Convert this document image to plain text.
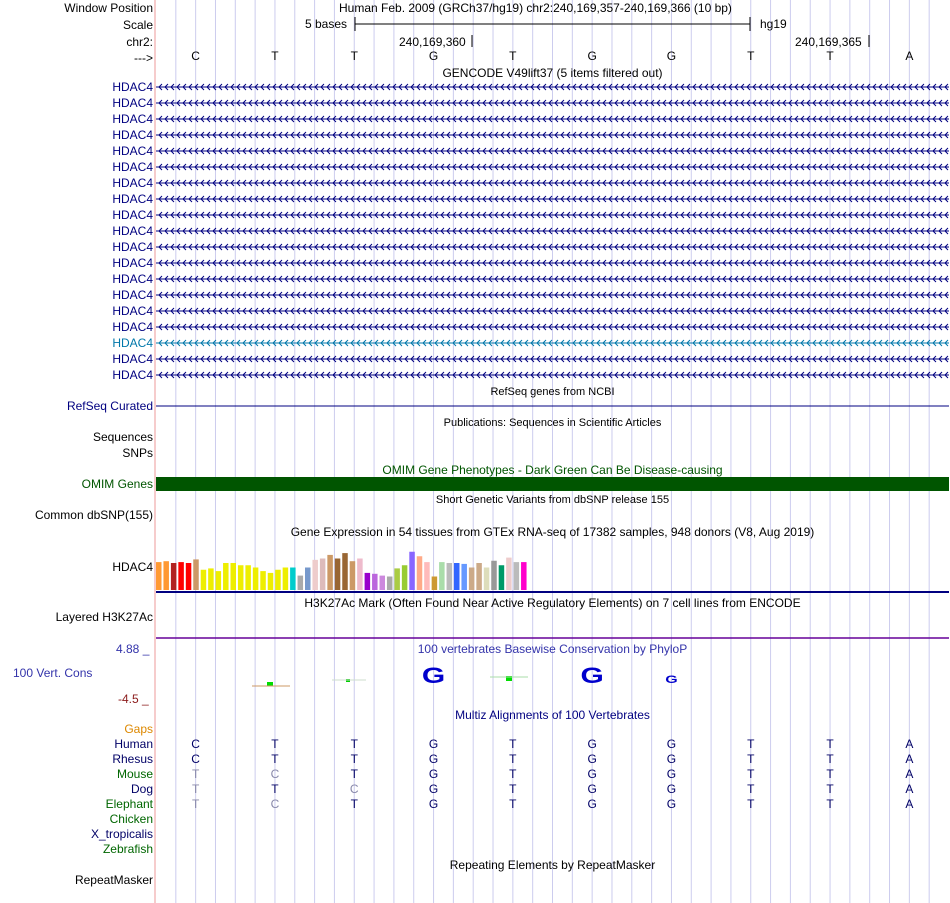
G	G	G
Window Position	Human Feb. 2009 (GRCh37/hg19) chr2:240,169,357-240,169,366 (10 bp)
Scale	5 bases	hg19
chr2:	240,169,360	240,169,365
--->	C	T	T	G	T	G	G	T	T	A
GENCODE V49lift37 (5 items filtered out)
HDAC4
HDAC4
HDAC4
HDAC4
HDAC4
HDAC4
HDAC4
HDAC4
HDAC4
HDAC4
HDAC4
HDAC4
HDAC4
HDAC4
HDAC4
HDAC4
HDAC4
HDAC4
HDAC4
RefSeq genes from NCBI
RefSeq Curated
Publications: Sequences in Scientific Articles
Sequences
SNPs
OMIM Gene Phenotypes - Dark Green Can Be Disease-causing
OMIM Genes
Short Genetic Variants from dbSNP release 155
Common dbSNP(155)
Gene Expression in 54 tissues from GTEx RNA-seq of 17382 samples, 948 donors (V8, Aug 2019)
HDAC4
H3K27Ac Mark (Often Found Near Active Regulatory Elements) on 7 cell lines from ENCODE
Layered H3K27Ac
100 vertebrates Basewise Conservation by PhyloP
4.88 _
100 Vert. Cons
-4.5 _
Multiz Alignments of 100 Vertebrates
Gaps
Human	C	T	T	G	T	G	G	T	T	A
Rhesus	C	T	T	G	T	G	G	T	T	A
Mouse	T	C	T	G	T	G	G	T	T	A
Dog	T	T	C	G	T	G	G	T	T	A
Elephant	T	C	T	G	T	G	G	T	T	A
Chicken
X_tropicalis
Zebrafish
Repeating Elements by RepeatMasker
RepeatMasker
